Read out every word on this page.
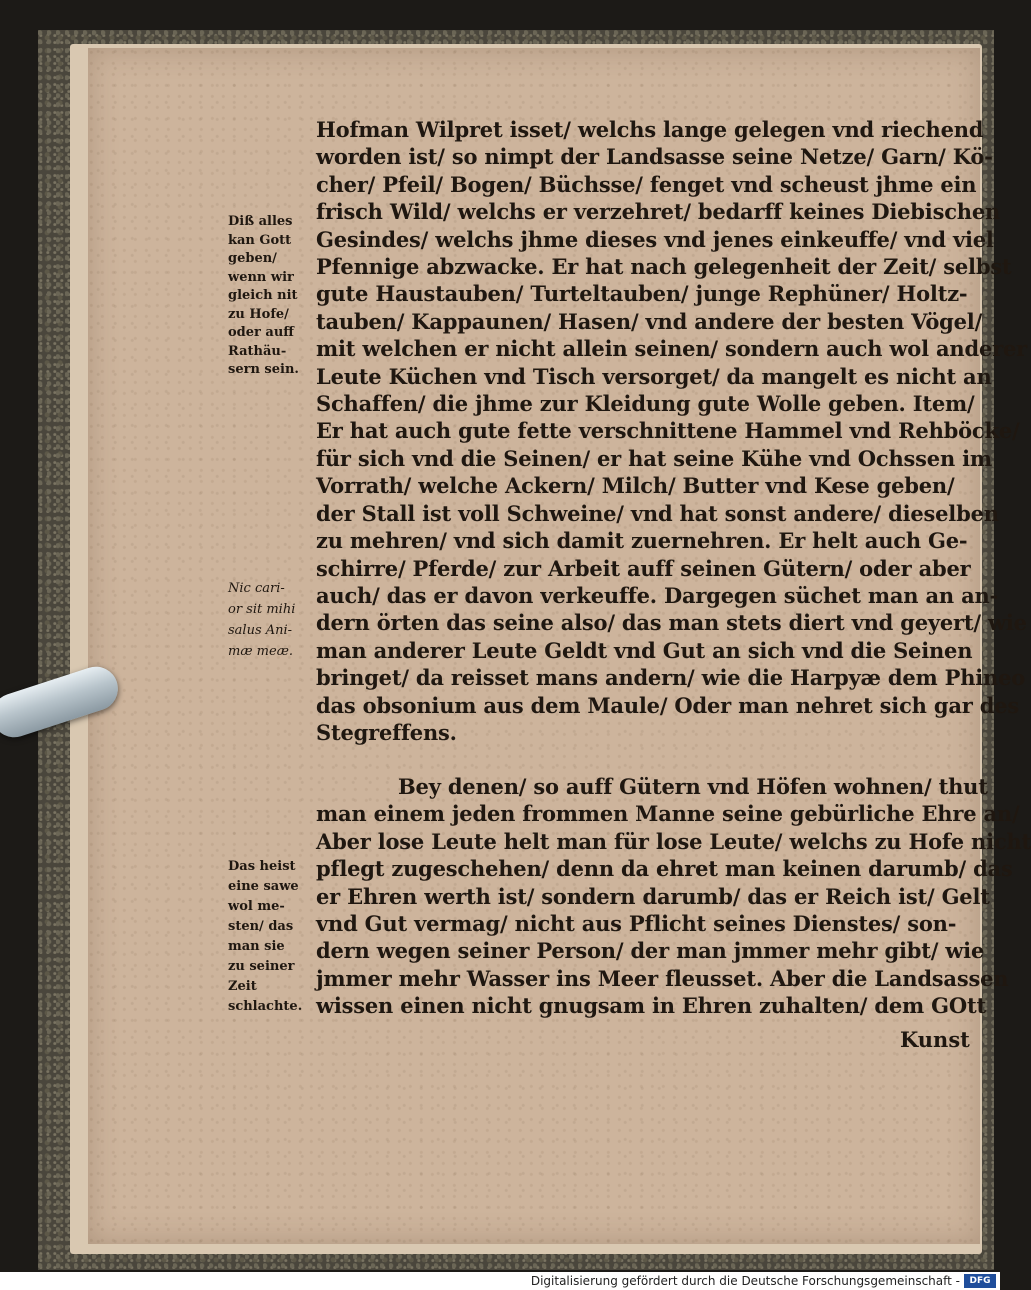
Hofman Wilpret isset/ welchs lange gelegen vnd riechend
worden ist/ so nimpt der Landsasse seine Netze/ Garn/ Kö-
cher/ Pfeil/ Bogen/ Büchsse/ fenget vnd scheust jhme ein
frisch Wild/ welchs er verzehret/ bedarff keines Diebischen
Gesindes/ welchs jhme dieses vnd jenes einkeuffe/ vnd viel
Pfennige abzwacke. Er hat nach gelegenheit der Zeit/ selbst
gute Haustauben/ Turteltauben/ junge Rephüner/ Holtz-
tauben/ Kappaunen/ Hasen/ vnd andere der besten Vögel/
mit welchen er nicht allein seinen/ sondern auch wol anderer
Leute Küchen vnd Tisch versorget/ da mangelt es nicht an
Schaffen/ die jhme zur Kleidung gute Wolle geben. Item/
Er hat auch gute fette verschnittene Hammel vnd Rehböcke/
für sich vnd die Seinen/ er hat seine Kühe vnd Ochssen im
Vorrath/ welche Ackern/ Milch/ Butter vnd Kese geben/
der Stall ist voll Schweine/ vnd hat sonst andere/ dieselben
zu mehren/ vnd sich damit zuernehren. Er helt auch Ge-
schirre/ Pferde/ zur Arbeit auff seinen Gütern/ oder aber
auch/ das er davon verkeuffe. Dargegen süchet man an an-
dern örten das seine also/ das man stets diert vnd geyert/ wie
man anderer Leute Geldt vnd Gut an sich vnd die Seinen
bringet/ da reisset mans andern/ wie die Harpyæ dem Phineo
das obsonium aus dem Maule/ Oder man nehret sich gar des
Stegreffens.
Bey denen/ so auff Gütern vnd Höfen wohnen/ thut
man einem jeden frommen Manne seine gebürliche Ehre an/
Aber lose Leute helt man für lose Leute/ welchs zu Hofe nicht
pflegt zugeschehen/ denn da ehret man keinen darumb/ das
er Ehren werth ist/ sondern darumb/ das er Reich ist/ Gelt
vnd Gut vermag/ nicht aus Pflicht seines Dienstes/ son-
dern wegen seiner Person/ der man jmmer mehr gibt/ wie
jmmer mehr Wasser ins Meer fleusset. Aber die Landsassen
wissen einen nicht gnugsam in Ehren zuhalten/ dem GOtt
Kunst
Diß alles
kan Gott
geben/
wenn wir
gleich nit
zu Hofe/
oder auff
Rathäu-
sern sein.
Nic cari-
or sit mihi
salus Ani-
mæ meæ.
Das heist
eine sawe
wol me-
sten/ das
man sie
zu seiner
Zeit
schlachte.
Digitalisierung gefördert durch die Deutsche Forschungsgemeinschaft -	DFG
